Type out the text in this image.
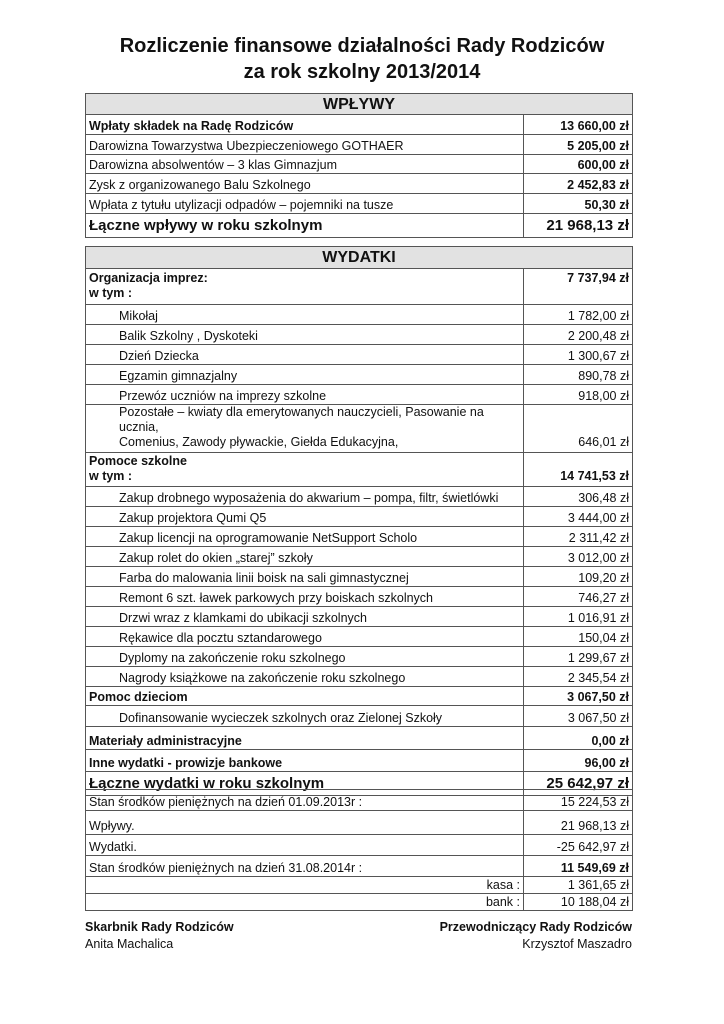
Rozliczenie finansowe działalności Rady Rodziców
za rok szkolny 2013/2014
WPŁYWY	
Wpłaty składek na Radę Rodziców	13 660,00 zł
Darowizna Towarzystwa Ubezpieczeniowego GOTHAER	5 205,00 zł
Darowizna absolwentów – 3 klas Gimnazjum	600,00 zł
Zysk z organizowanego Balu Szkolnego	2 452,83 zł
Wpłata z tytułu utylizacji odpadów – pojemniki na tusze	50,30 zł
Łączne wpływy w roku szkolnym	21 968,13 zł
WYDATKI	

Organizacja imprez:
w tym :	7 737,94 zł
Mikołaj	1 782,00 zł
Balik Szkolny , Dyskoteki	2 200,48 zł
Dzień Dziecka	1 300,67 zł
Egzamin gimnazjalny	890,78 zł
Przewóz uczniów na imprezy szkolne	918,00 zł

Pozostałe – kwiaty dla emerytowanych nauczycieli, Pasowanie na ucznia,
Comenius, Zawody pływackie, Giełda Edukacyjna,	646,01 zł

Pomoce szkolne
w tym :	14 741,53 zł
Zakup drobnego wyposażenia do akwarium – pompa, filtr, świetlówki	306,48 zł
Zakup projektora Qumi Q5	3 444,00 zł
Zakup licencji na oprogramowanie NetSupport Scholo	2 311,42 zł
Zakup rolet do okien „starej” szkoły	3 012,00 zł
Farba do malowania linii boisk na sali gimnastycznej	109,20 zł
Remont 6 szt. ławek parkowych przy boiskach szkolnych	746,27 zł
Drzwi wraz z klamkami do ubikacji szkolnych	1 016,91 zł
Rękawice dla pocztu sztandarowego	150,04 zł
Dyplomy na zakończenie roku szkolnego	1 299,67 zł
Nagrody książkowe na zakończenie roku szkolnego	2 345,54 zł
Pomoc dzieciom	3 067,50 zł
Dofinansowanie wycieczek szkolnych oraz Zielonej Szkoły	3 067,50 zł
Materiały administracyjne	0,00 zł
Inne wydatki - prowizje bankowe	96,00 zł
Łączne wydatki w roku szkolnym	25 642,97 zł
Stan środków pieniężnych na dzień 01.09.2013r :	15 224,53 zł
Wpływy.	21 968,13 zł
Wydatki.	-25 642,97 zł
Stan środków pieniężnych na dzień 31.08.2014r :	11 549,69 zł
kasa :	1 361,65 zł
bank :	10 188,04 zł
Skarbnik Rady Rodziców
Anita Machalica
Przewodniczący Rady Rodziców
Krzysztof Maszadro
